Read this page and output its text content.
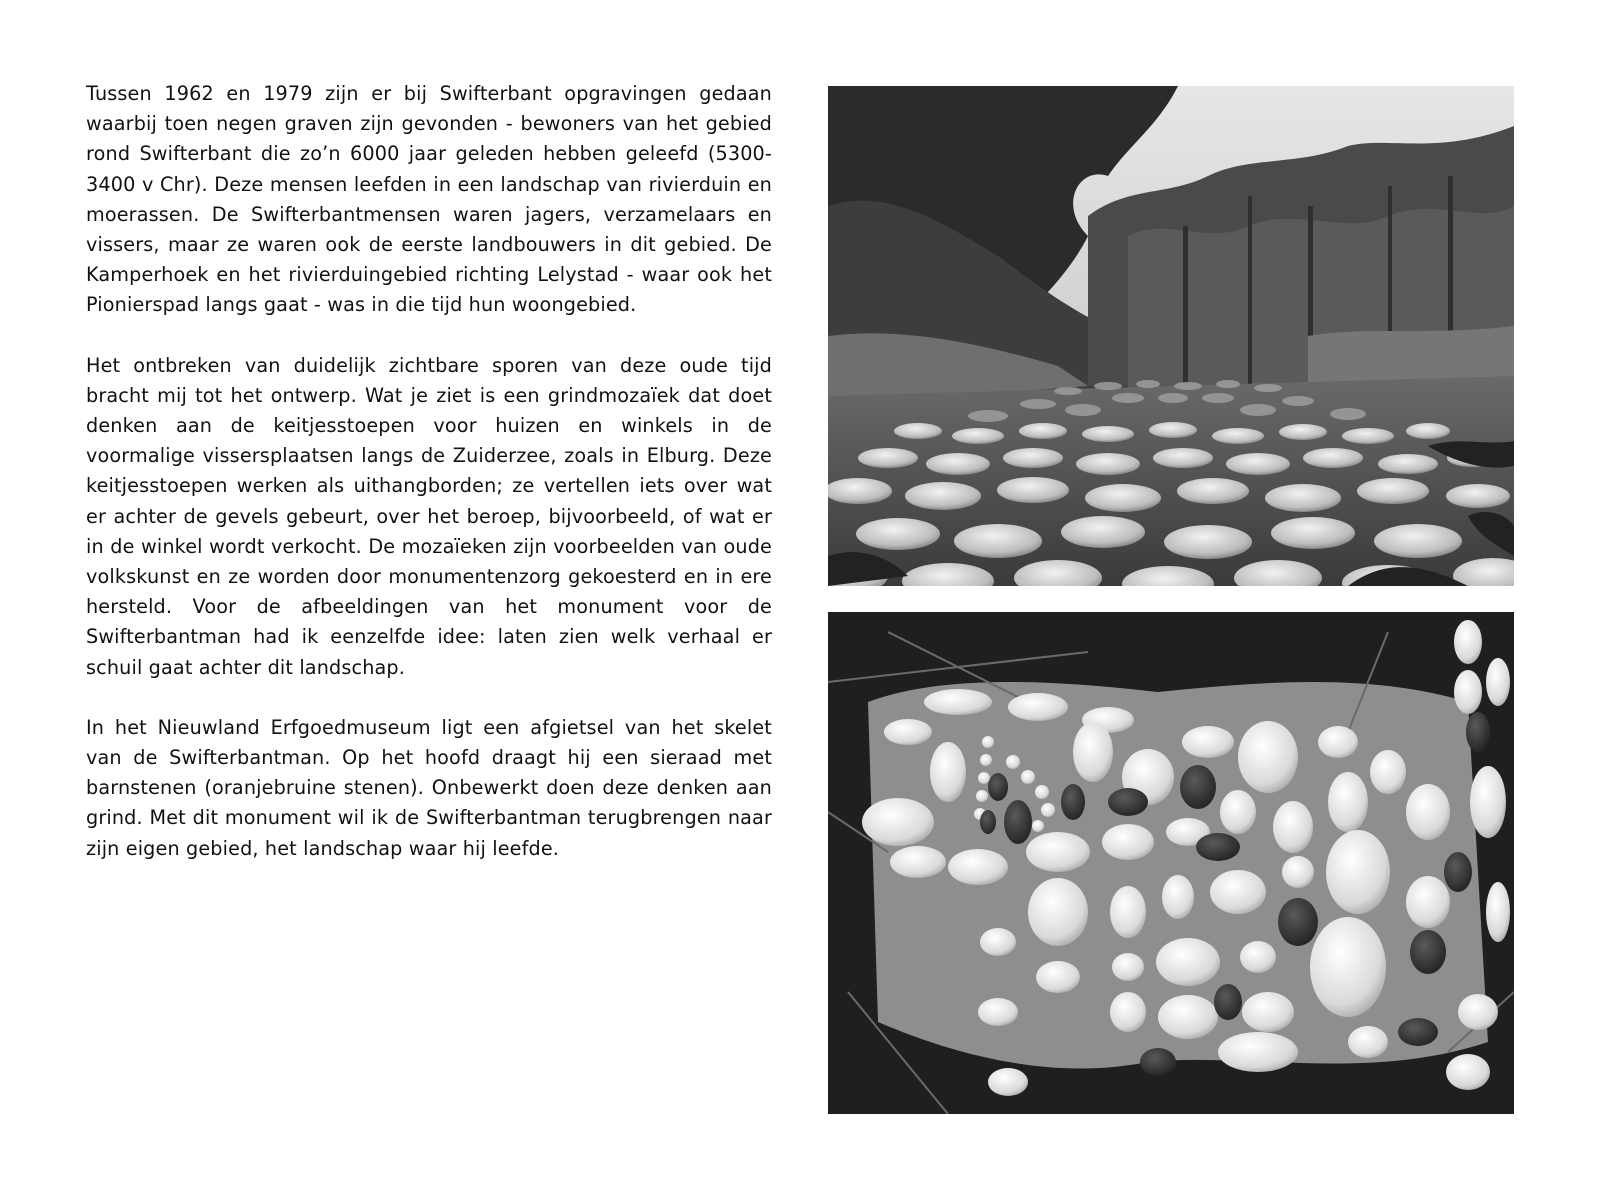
Tussen 1962 en 1979 zijn er bij Swifterbant opgravingen gedaan waarbij toen negen graven zijn gevonden - bewoners van het gebied rond Swifterbant die zo’n 6000 jaar geleden hebben geleefd (5300-3400 v Chr). Deze mensen leefden in een landschap van rivierduin en moerassen. De Swifterbantmensen waren jagers, verzamelaars en vissers, maar ze waren ook de eerste landbouwers in dit gebied. De Kamperhoek en het rivierduingebied richting Lelystad - waar ook het Pionierspad langs gaat - was in die tijd hun woongebied.

Het ontbreken van duidelijk zichtbare sporen van deze oude tijd bracht mij tot het ontwerp. Wat je ziet is een grindmozaïek dat doet denken aan de keitjesstoepen voor huizen en winkels in de voormalige vissersplaatsen langs de Zuiderzee, zoals in Elburg. Deze keitjesstoepen werken als uithangborden; ze vertellen iets over wat er achter de gevels gebeurt, over het beroep, bijvoorbeeld, of wat er in de winkel wordt verkocht. De mozaïeken zijn voorbeelden van oude volkskunst en ze worden door monumentenzorg gekoesterd en in ere hersteld. Voor de afbeeldingen van het monument voor de Swifterbantman had ik eenzelfde idee: laten zien welk verhaal er schuil gaat achter dit landschap.

In het Nieuwland Erfgoedmuseum ligt een afgietsel van het skelet van de Swifterbantman. Op het hoofd draagt hij een sieraad met barnstenen (oranjebruine stenen). Onbewerkt doen deze denken aan grind. Met dit monument wil ik de Swifterbantman terugbrengen naar zijn eigen gebied, het landschap waar hij leefde.
